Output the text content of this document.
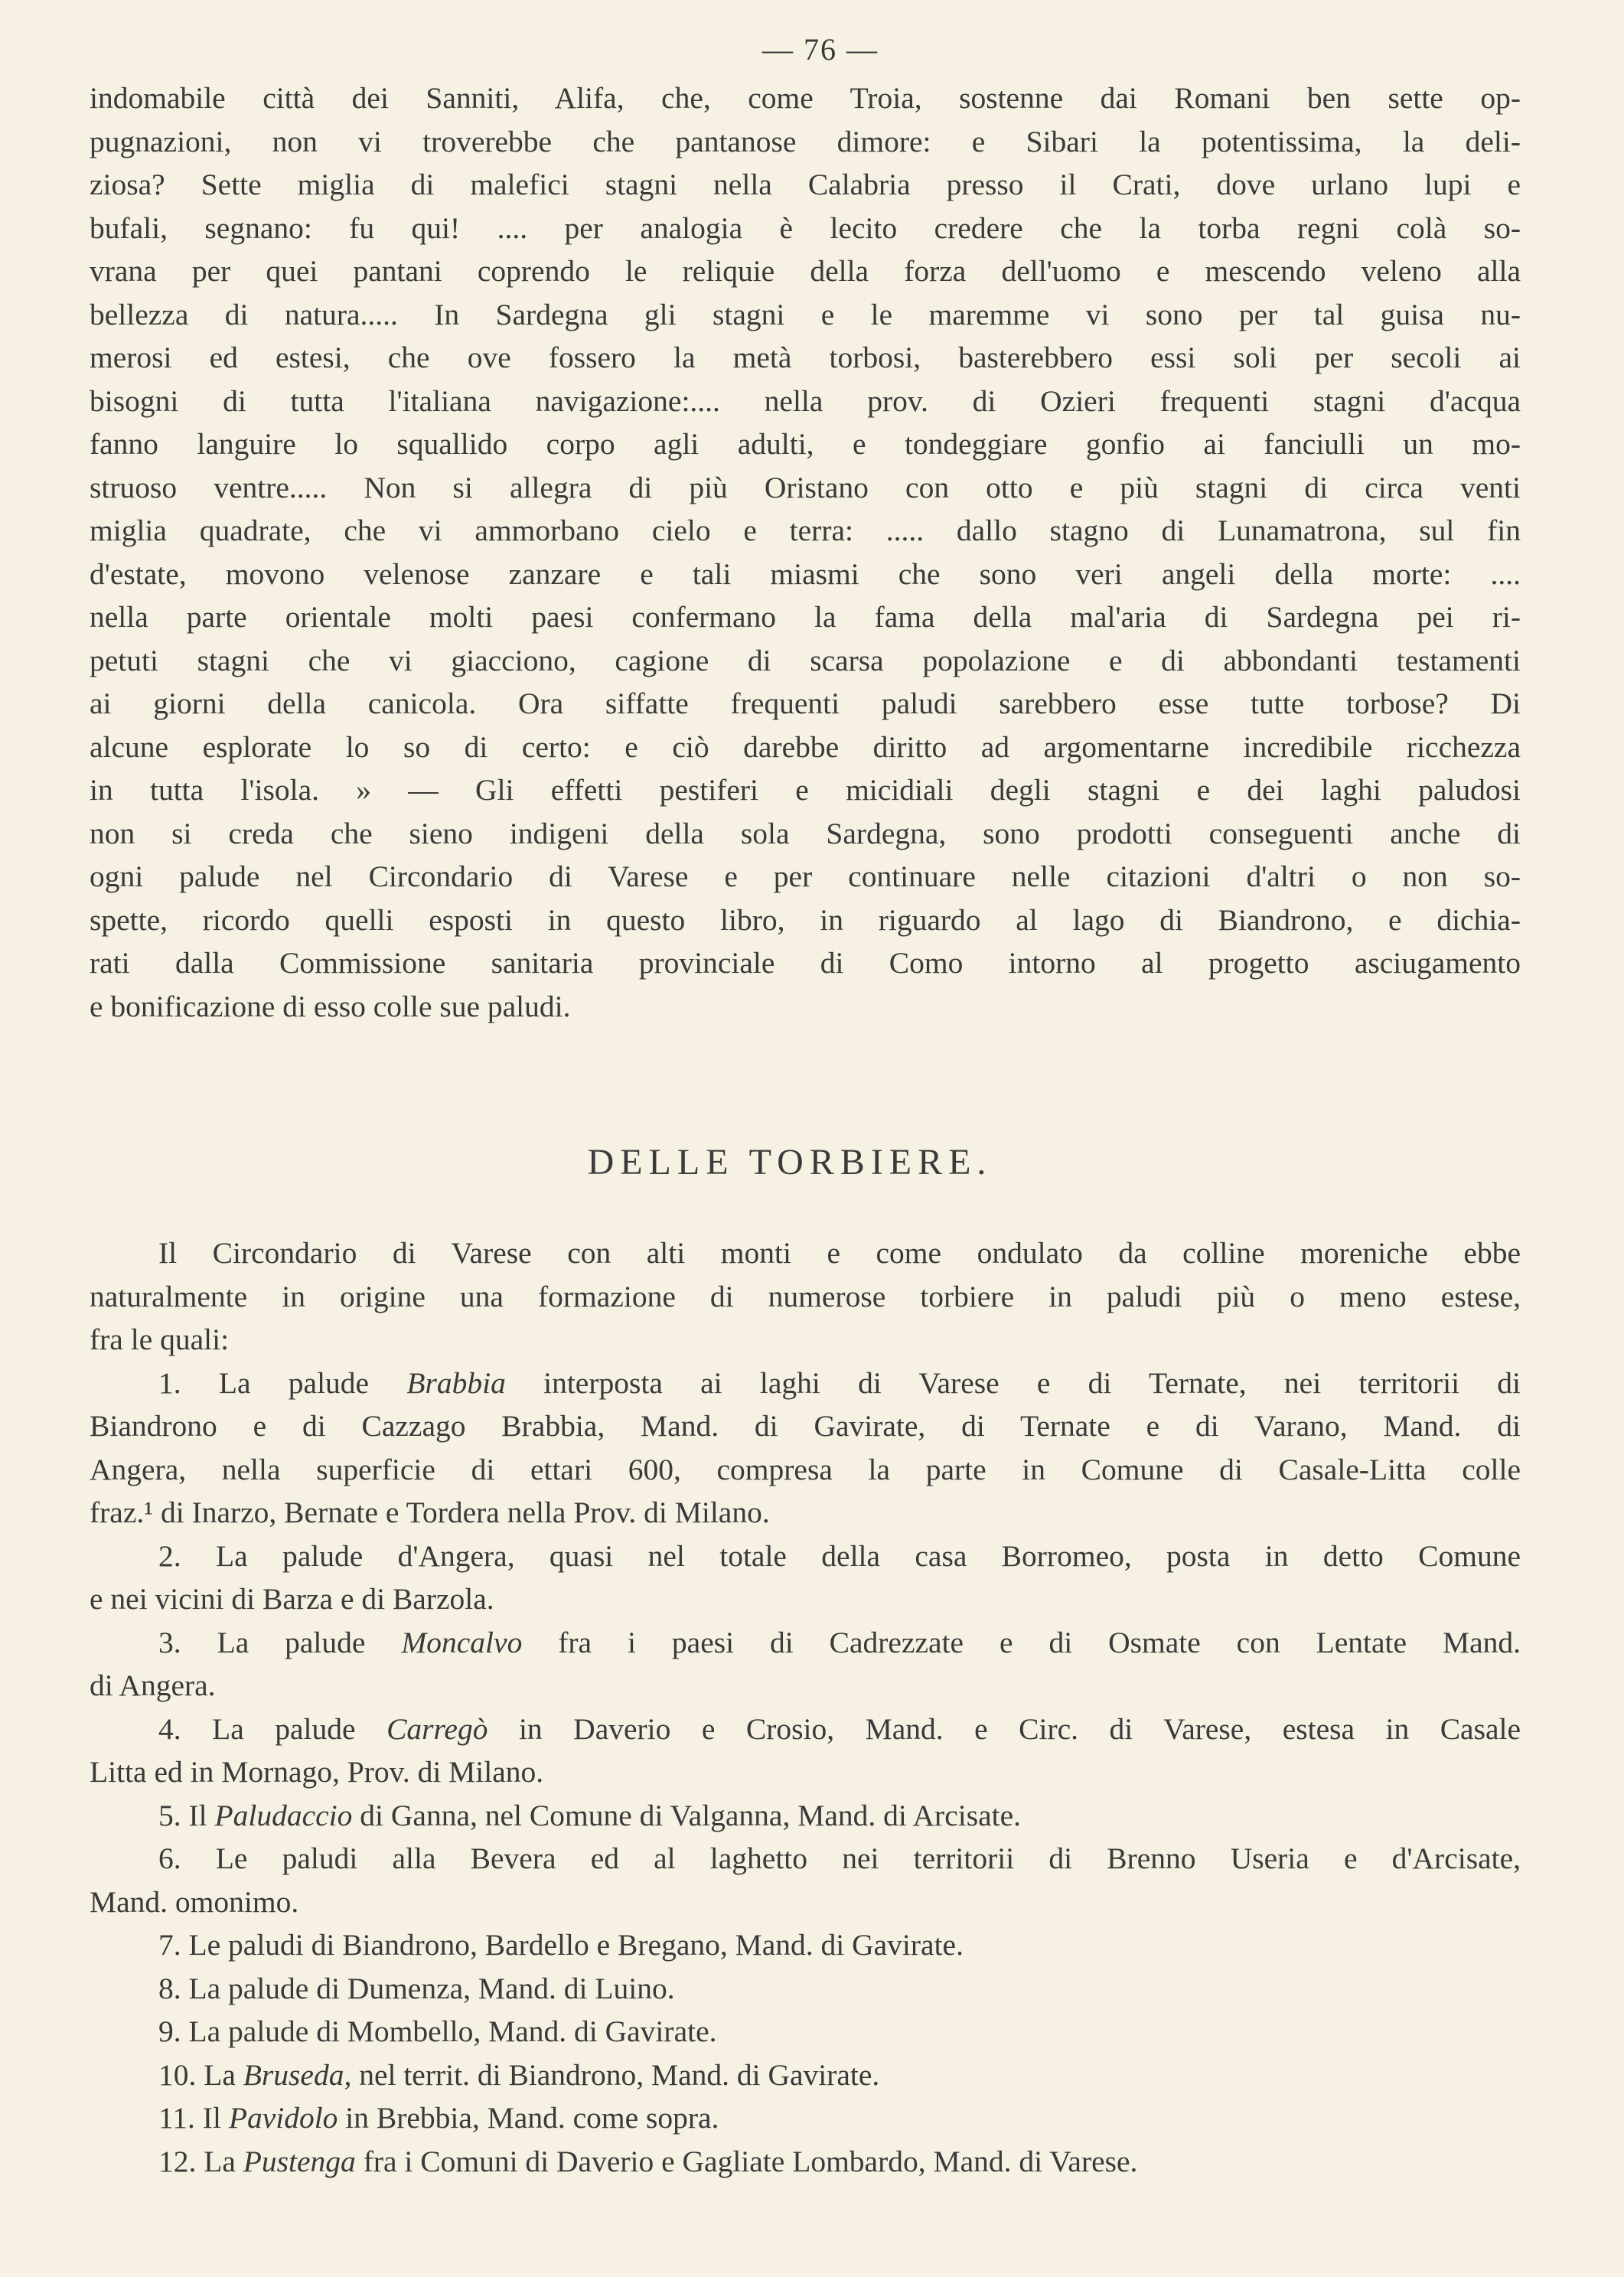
— 76 —
indomabile città dei Sanniti, Alifa, che, come Troia, sostenne dai Romani ben sette op-
pugnazioni, non vi troverebbe che pantanose dimore: e Sibari la potentissima, la deli-
ziosa? Sette miglia di malefici stagni nella Calabria presso il Crati, dove urlano lupi e
bufali, segnano: fu qui! .... per analogia è lecito credere che la torba regni colà so-
vrana per quei pantani coprendo le reliquie della forza dell'uomo e mescendo veleno alla
bellezza di natura..... In Sardegna gli stagni e le maremme vi sono per tal guisa nu-
merosi ed estesi, che ove fossero la metà torbosi, basterebbero essi soli per secoli ai
bisogni di tutta l'italiana navigazione:.... nella prov. di Ozieri frequenti stagni d'acqua
fanno languire lo squallido corpo agli adulti, e tondeggiare gonfio ai fanciulli un mo-
struoso ventre..... Non si allegra di più Oristano con otto e più stagni di circa venti
miglia quadrate, che vi ammorbano cielo e terra: ..... dallo stagno di Lunamatrona, sul fin
d'estate, movono velenose zanzare e tali miasmi che sono veri angeli della morte: ....
nella parte orientale molti paesi confermano la fama della mal'aria di Sardegna pei ri-
petuti stagni che vi giacciono, cagione di scarsa popolazione e di abbondanti testamenti
ai giorni della canicola. Ora siffatte frequenti paludi sarebbero esse tutte torbose? Di
alcune esplorate lo so di certo: e ciò darebbe diritto ad argomentarne incredibile ricchezza
in tutta l'isola. » — Gli effetti pestiferi e micidiali degli stagni e dei laghi paludosi
non si creda che sieno indigeni della sola Sardegna, sono prodotti conseguenti anche di
ogni palude nel Circondario di Varese e per continuare nelle citazioni d'altri o non so-
spette, ricordo quelli esposti in questo libro, in riguardo al lago di Biandrono, e dichia-
rati dalla Commissione sanitaria provinciale di Como intorno al progetto asciugamento
e bonificazione di esso colle sue paludi.
DELLE TORBIERE.
Il Circondario di Varese con alti monti e come ondulato da colline moreniche ebbe
naturalmente in origine una formazione di numerose torbiere in paludi più o meno estese,
fra le quali:
1. La palude Brabbia interposta ai laghi di Varese e di Ternate, nei territorii di
Biandrono e di Cazzago Brabbia, Mand. di Gavirate, di Ternate e di Varano, Mand. di
Angera, nella superficie di ettari 600, compresa la parte in Comune di Casale-Litta colle
fraz.¹ di Inarzo, Bernate e Tordera nella Prov. di Milano.
2. La palude d'Angera, quasi nel totale della casa Borromeo, posta in detto Comune
e nei vicini di Barza e di Barzola.
3. La palude Moncalvo fra i paesi di Cadrezzate e di Osmate con Lentate Mand.
di Angera.
4. La palude Carregò in Daverio e Crosio, Mand. e Circ. di Varese, estesa in Casale
Litta ed in Mornago, Prov. di Milano.
5. Il Paludaccio di Ganna, nel Comune di Valganna, Mand. di Arcisate.
6. Le paludi alla Bevera ed al laghetto nei territorii di Brenno Useria e d'Arcisate,
Mand. omonimo.
7. Le paludi di Biandrono, Bardello e Bregano, Mand. di Gavirate.
8. La palude di Dumenza, Mand. di Luino.
9. La palude di Mombello, Mand. di Gavirate.
10. La Bruseda, nel territ. di Biandrono, Mand. di Gavirate.
11. Il Pavidolo in Brebbia, Mand. come sopra.
12. La Pustenga fra i Comuni di Daverio e Gagliate Lombardo, Mand. di Varese.
